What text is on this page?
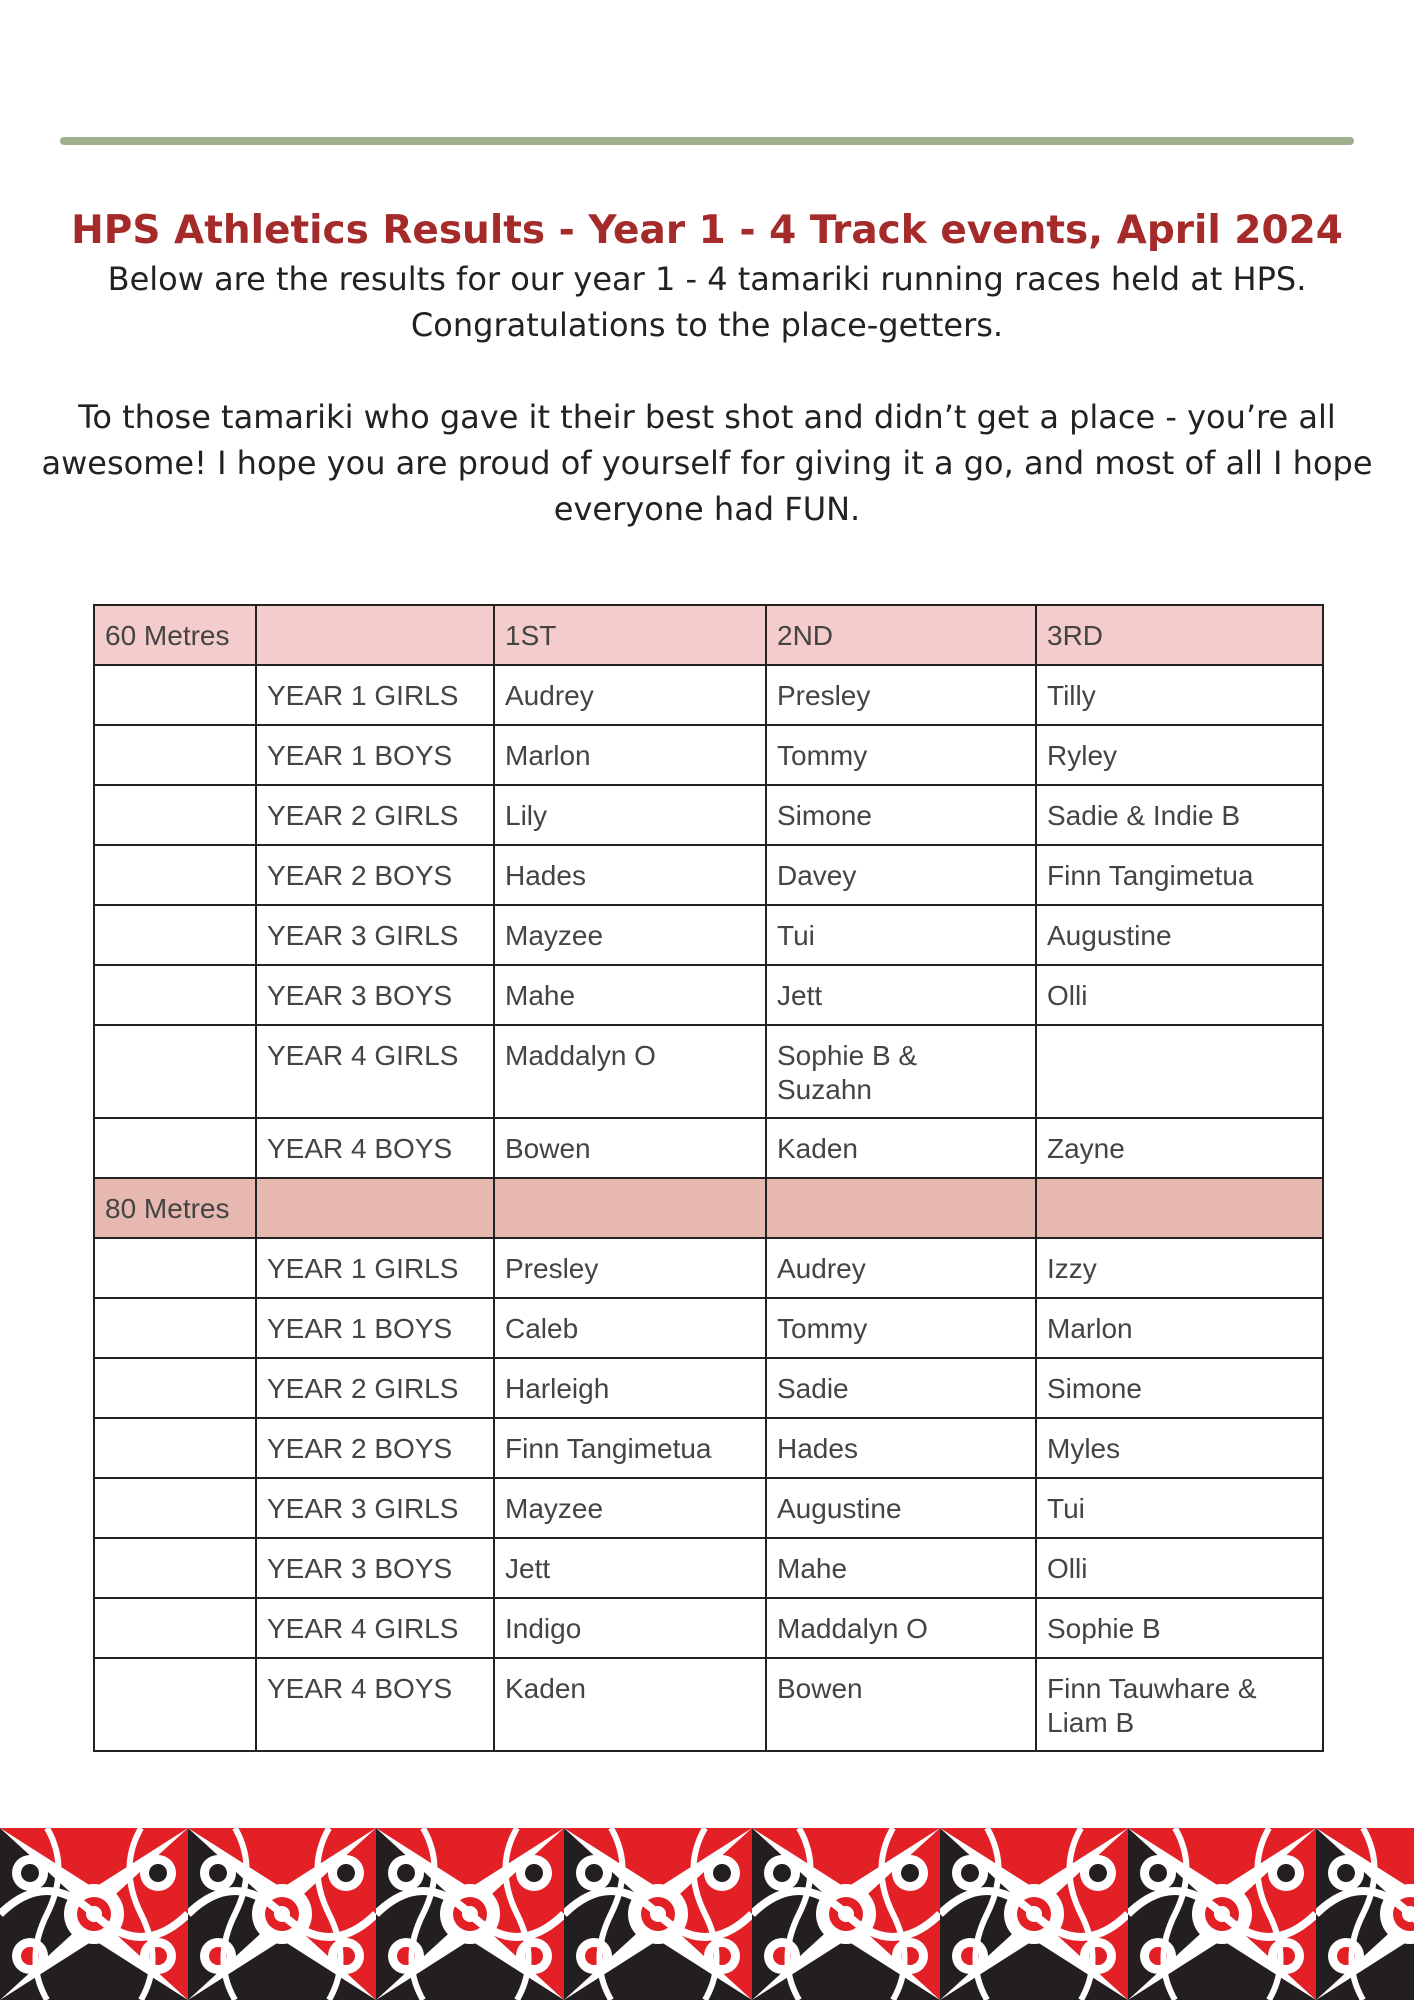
HPS Athletics Results - Year 1 - 4 Track events, April 2024

Below are the results for our year 1 - 4 tamariki running races held at HPS.

Congratulations to the place-getters.

To those tamariki who gave it their best shot and didn’t get a place - you’re all awesome! I hope you are proud of yourself for giving it a go, and most of all I hope everyone had FUN.

60 Metres		1ST	2ND	3RD
	YEAR 1 GIRLS	Audrey	Presley	Tilly
	YEAR 1 BOYS	Marlon	Tommy	Ryley
	YEAR 2 GIRLS	Lily	Simone	Sadie & Indie B
	YEAR 2 BOYS	Hades	Davey	Finn Tangimetua
	YEAR 3 GIRLS	Mayzee	Tui	Augustine
	YEAR 3 BOYS	Mahe	Jett	Olli
	YEAR 4 GIRLS	Maddalyn O	Sophie B &
Suzahn	
	YEAR 4 BOYS	Bowen	Kaden	Zayne
80 Metres				
	YEAR 1 GIRLS	Presley	Audrey	Izzy
	YEAR 1 BOYS	Caleb	Tommy	Marlon
	YEAR 2 GIRLS	Harleigh	Sadie	Simone
	YEAR 2 BOYS	Finn Tangimetua	Hades	Myles
	YEAR 3 GIRLS	Mayzee	Augustine	Tui
	YEAR 3 BOYS	Jett	Mahe	Olli
	YEAR 4 GIRLS	Indigo	Maddalyn O	Sophie B
	YEAR 4 BOYS	Kaden	Bowen	Finn Tauwhare &
Liam B
